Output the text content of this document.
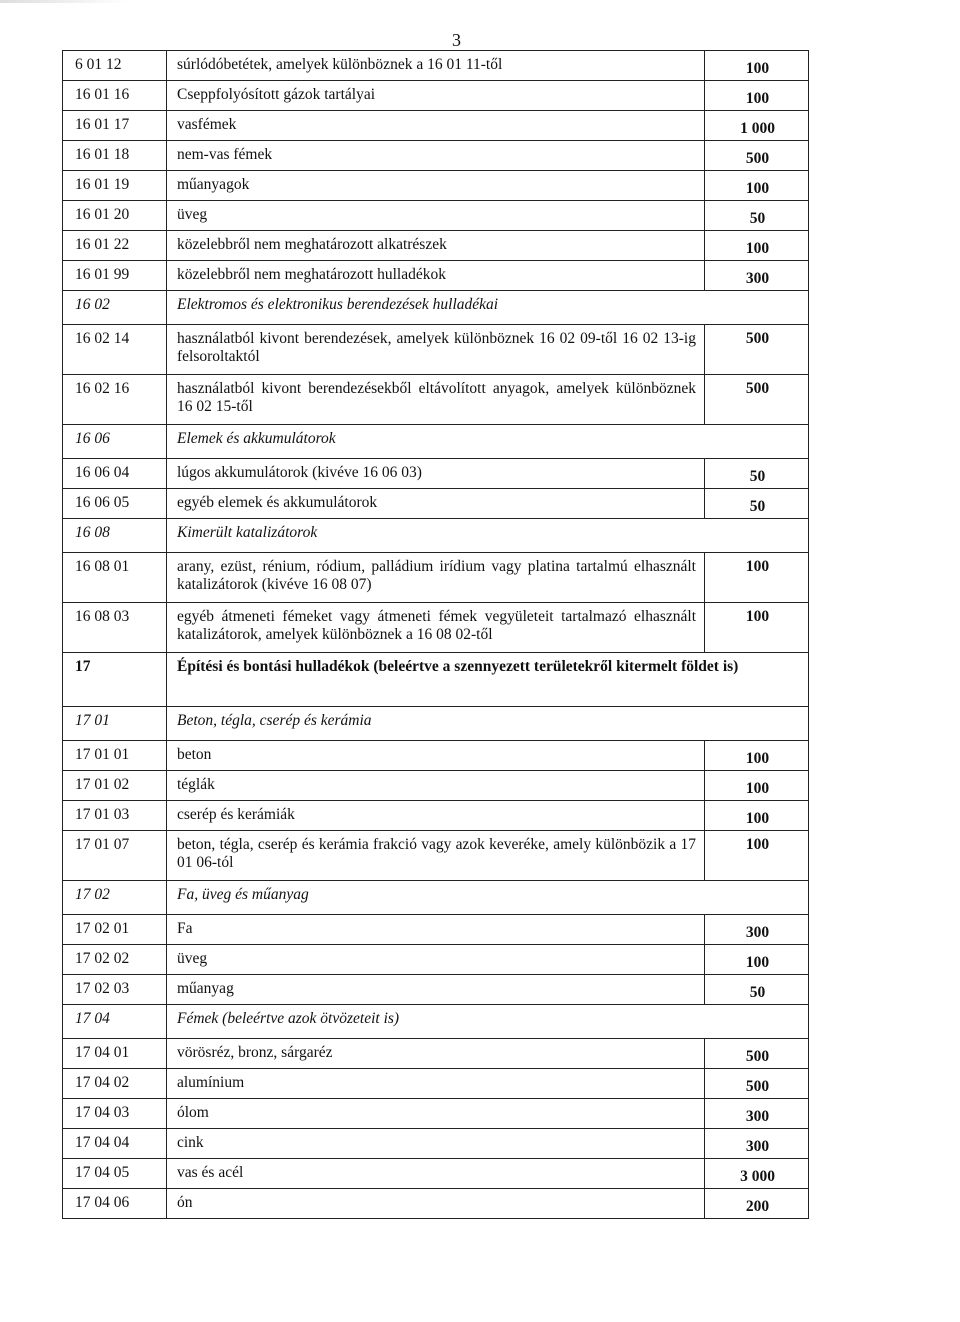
3
6 01 12	súrlódóbetétek, amelyek különböznek a 16 01 11-től	100
16 01 16	Cseppfolyósított gázok tartályai	100
16 01 17	vasfémek	1 000
16 01 18	nem-vas fémek	500
16 01 19	műanyagok	100
16 01 20	üveg	50
16 01 22	közelebbről nem meghatározott alkatrészek	100
16 01 99	közelebbről nem meghatározott hulladékok	300
16 02	Elektromos és elektronikus berendezések hulladékai	
16 02 14	használatból kivont berendezések, amelyek különböznek 16 02 09-től 16 02 13-ig felsoroltaktól	500
16 02 16	használatból kivont berendezésekből eltávolított anyagok, amelyek különböznek 16 02 15-től	500
16 06	Elemek és akkumulátorok	
16 06 04	lúgos akkumulátorok (kivéve 16 06 03)	50
16 06 05	egyéb elemek és akkumulátorok	50
16 08	Kimerült katalizátorok	
16 08 01	arany, ezüst, rénium, ródium, palládium irídium vagy platina tartalmú elhasznált katalizátorok (kivéve 16 08 07)	100
16 08 03	egyéb átmeneti fémeket vagy átmeneti fémek vegyületeit tartalmazó elhasznált katalizátorok, amelyek különböznek a 16 08 02-től	100
17	Építési és bontási hulladékok (beleértve a szennyezett területekről kitermelt földet is)	
17 01	Beton, tégla, cserép és kerámia	
17 01 01	beton	100
17 01 02	téglák	100
17 01 03	cserép és kerámiák	100
17 01 07	beton, tégla, cserép és kerámia frakció vagy azok keveréke, amely különbözik a 17 01 06-tól	100
17 02	Fa, üveg és műanyag	
17 02 01	Fa	300
17 02 02	üveg	100
17 02 03	műanyag	50
17 04	Fémek (beleértve azok ötvözeteit is)	
17 04 01	vörösréz, bronz, sárgaréz	500
17 04 02	alumínium	500
17 04 03	ólom	300
17 04 04	cink	300
17 04 05	vas és acél	3 000
17 04 06	ón	200
